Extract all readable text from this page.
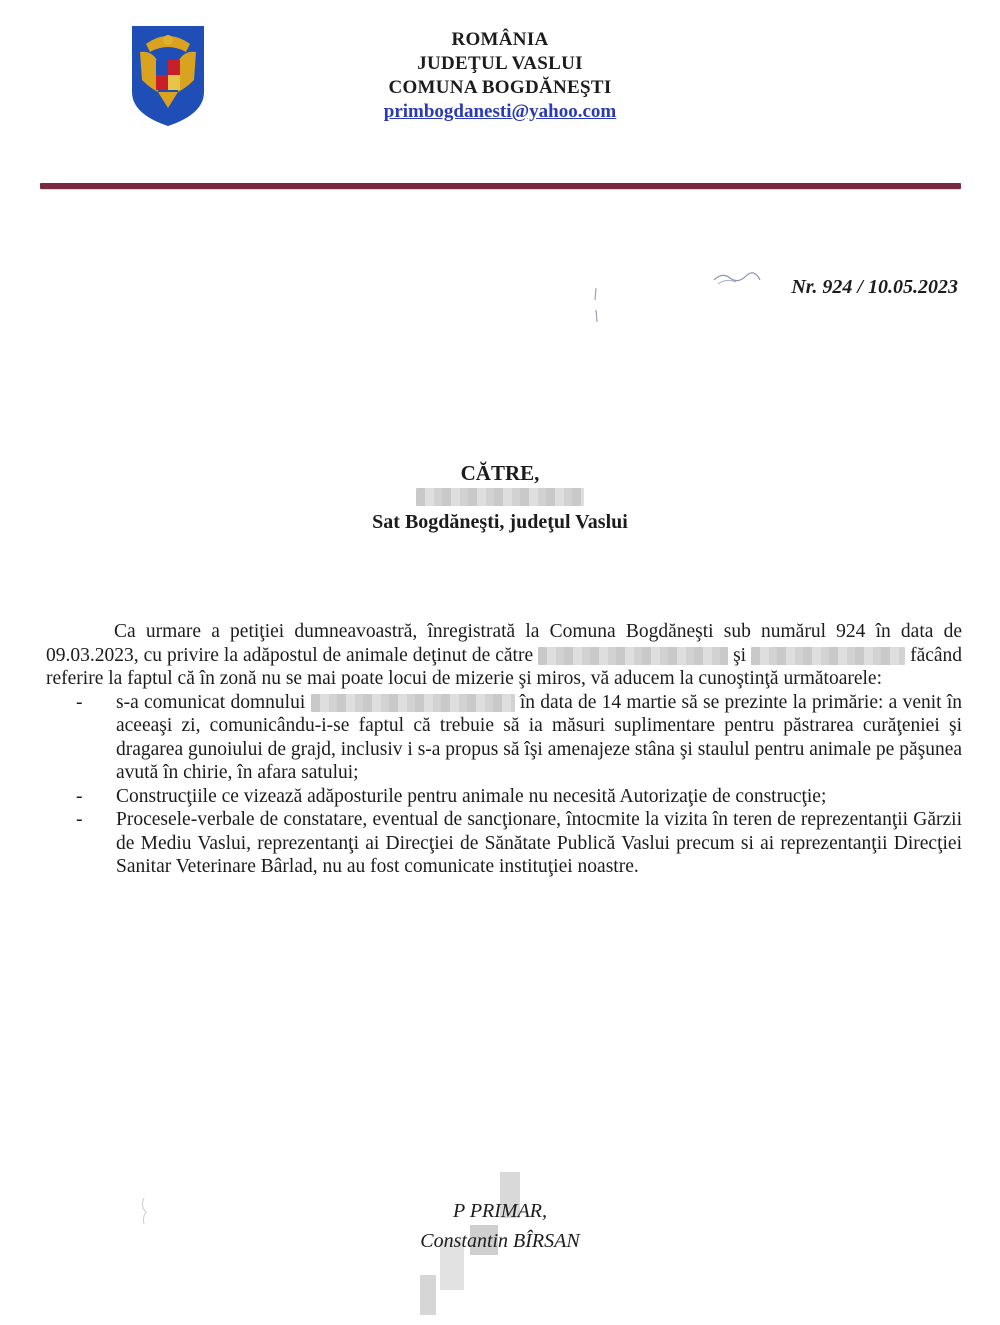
ROMÂNIA
JUDEŢUL VASLUI
COMUNA BOGDĂNEŞTI
primbogdanesti@yahoo.com
Nr. 924 / 10.05.2023
CĂTRE,
Sat Bogdăneşti, judeţul Vaslui

Ca urmare a petiţiei dumneavoastră, înregistrată la Comuna Bogdăneşti sub numărul 924 în data de 09.03.2023, cu privire la adăpostul de animale deţinut de către	şi	făcând referire la faptul că în zonă nu se mai poate locui de mizerie şi miros, vă aducem la cunoştinţă următoarele:

- s-a comunicat domnului	în data de 14 martie să se prezinte la primărie: a venit în aceeaşi zi, comunicându-i-se faptul că trebuie să ia măsuri suplimentare pentru păstrarea curăţeniei şi dragarea gunoiului de grajd, inclusiv i s-a propus să îşi amenajeze stâna şi staulul pentru animale pe păşunea avută în chirie, în afara satului;
- Construcţiile ce vizează adăposturile pentru animale nu necesită Autorizaţie de construcţie;
- Procesele-verbale de constatare, eventual de sancţionare, întocmite la vizita în teren de reprezentanţii Gărzii de Mediu Vaslui, reprezentanţi ai Direcţiei de Sănătate Publică Vaslui precum si ai reprezentanţii Direcţiei Sanitar Veterinare Bârlad, nu au fost comunicate instituţiei noastre.
P PRIMAR,
Constantin BÎRSAN
